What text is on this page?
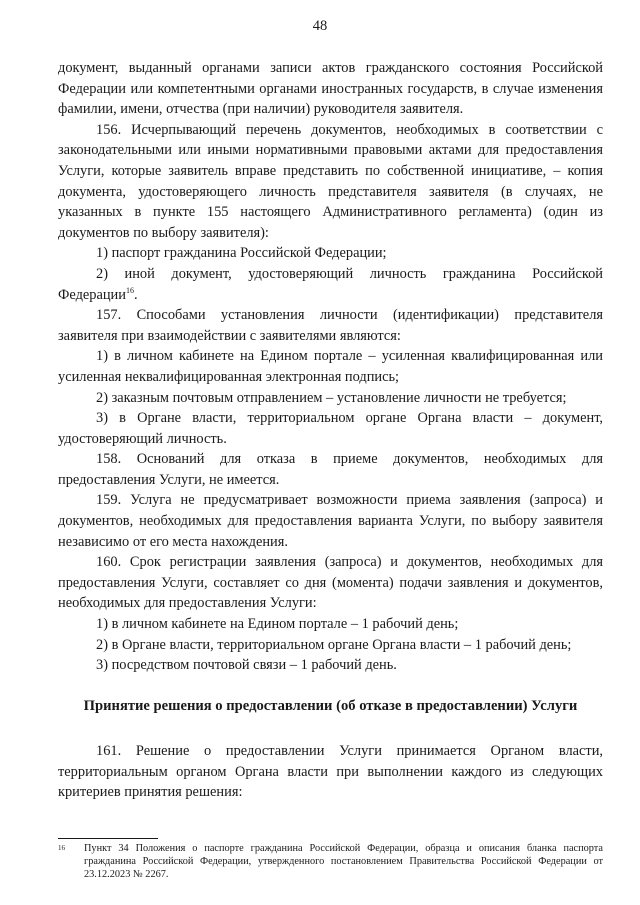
48

документ, выданный органами записи актов гражданского состояния Российской Федерации или компетентными органами иностранных государств, в случае изменения фамилии, имени, отчества (при наличии) руководителя заявителя.

156. Исчерпывающий перечень документов, необходимых в соответствии с законодательными или иными нормативными правовыми актами для предоставления Услуги, которые заявитель вправе представить по собственной инициативе, – копия документа, удостоверяющего личность представителя заявителя (в случаях, не указанных в пункте 155 настоящего Административного регламента) (один из документов по выбору заявителя):

1) паспорт гражданина Российской Федерации;

2) иной документ, удостоверяющий личность гражданина Российской Федерации$^{16}$.

157. Способами установления личности (идентификации) представителя заявителя при взаимодействии с заявителями являются:

1) в личном кабинете на Едином портале – усиленная квалифицированная или усиленная неквалифицированная электронная подпись;

2) заказным почтовым отправлением – установление личности не требуется;

3) в Органе власти, территориальном органе Органа власти – документ, удостоверяющий личность.

158. Оснований для отказа в приеме документов, необходимых для предоставления Услуги, не имеется.

159. Услуга не предусматривает возможности приема заявления (запроса) и документов, необходимых для предоставления варианта Услуги, по выбору заявителя независимо от его места нахождения.

160. Срок регистрации заявления (запроса) и документов, необходимых для предоставления Услуги, составляет со дня (момента) подачи заявления и документов, необходимых для предоставления Услуги:

1) в личном кабинете на Едином портале – 1 рабочий день;

2) в Органе власти, территориальном органе Органа власти – 1 рабочий день;

3) посредством почтовой связи – 1 рабочий день.

Принятие решения о предоставлении (об отказе в предоставлении) Услуги

161. Решение о предоставлении Услуги принимается Органом власти, территориальным органом Органа власти при выполнении каждого из следующих критериев принятия решения:

16	Пункт 34 Положения о паспорте гражданина Российской Федерации, образца и описания бланка паспорта гражданина Российской Федерации, утвержденного постановлением Правительства Российской Федерации от 23.12.2023 № 2267.
